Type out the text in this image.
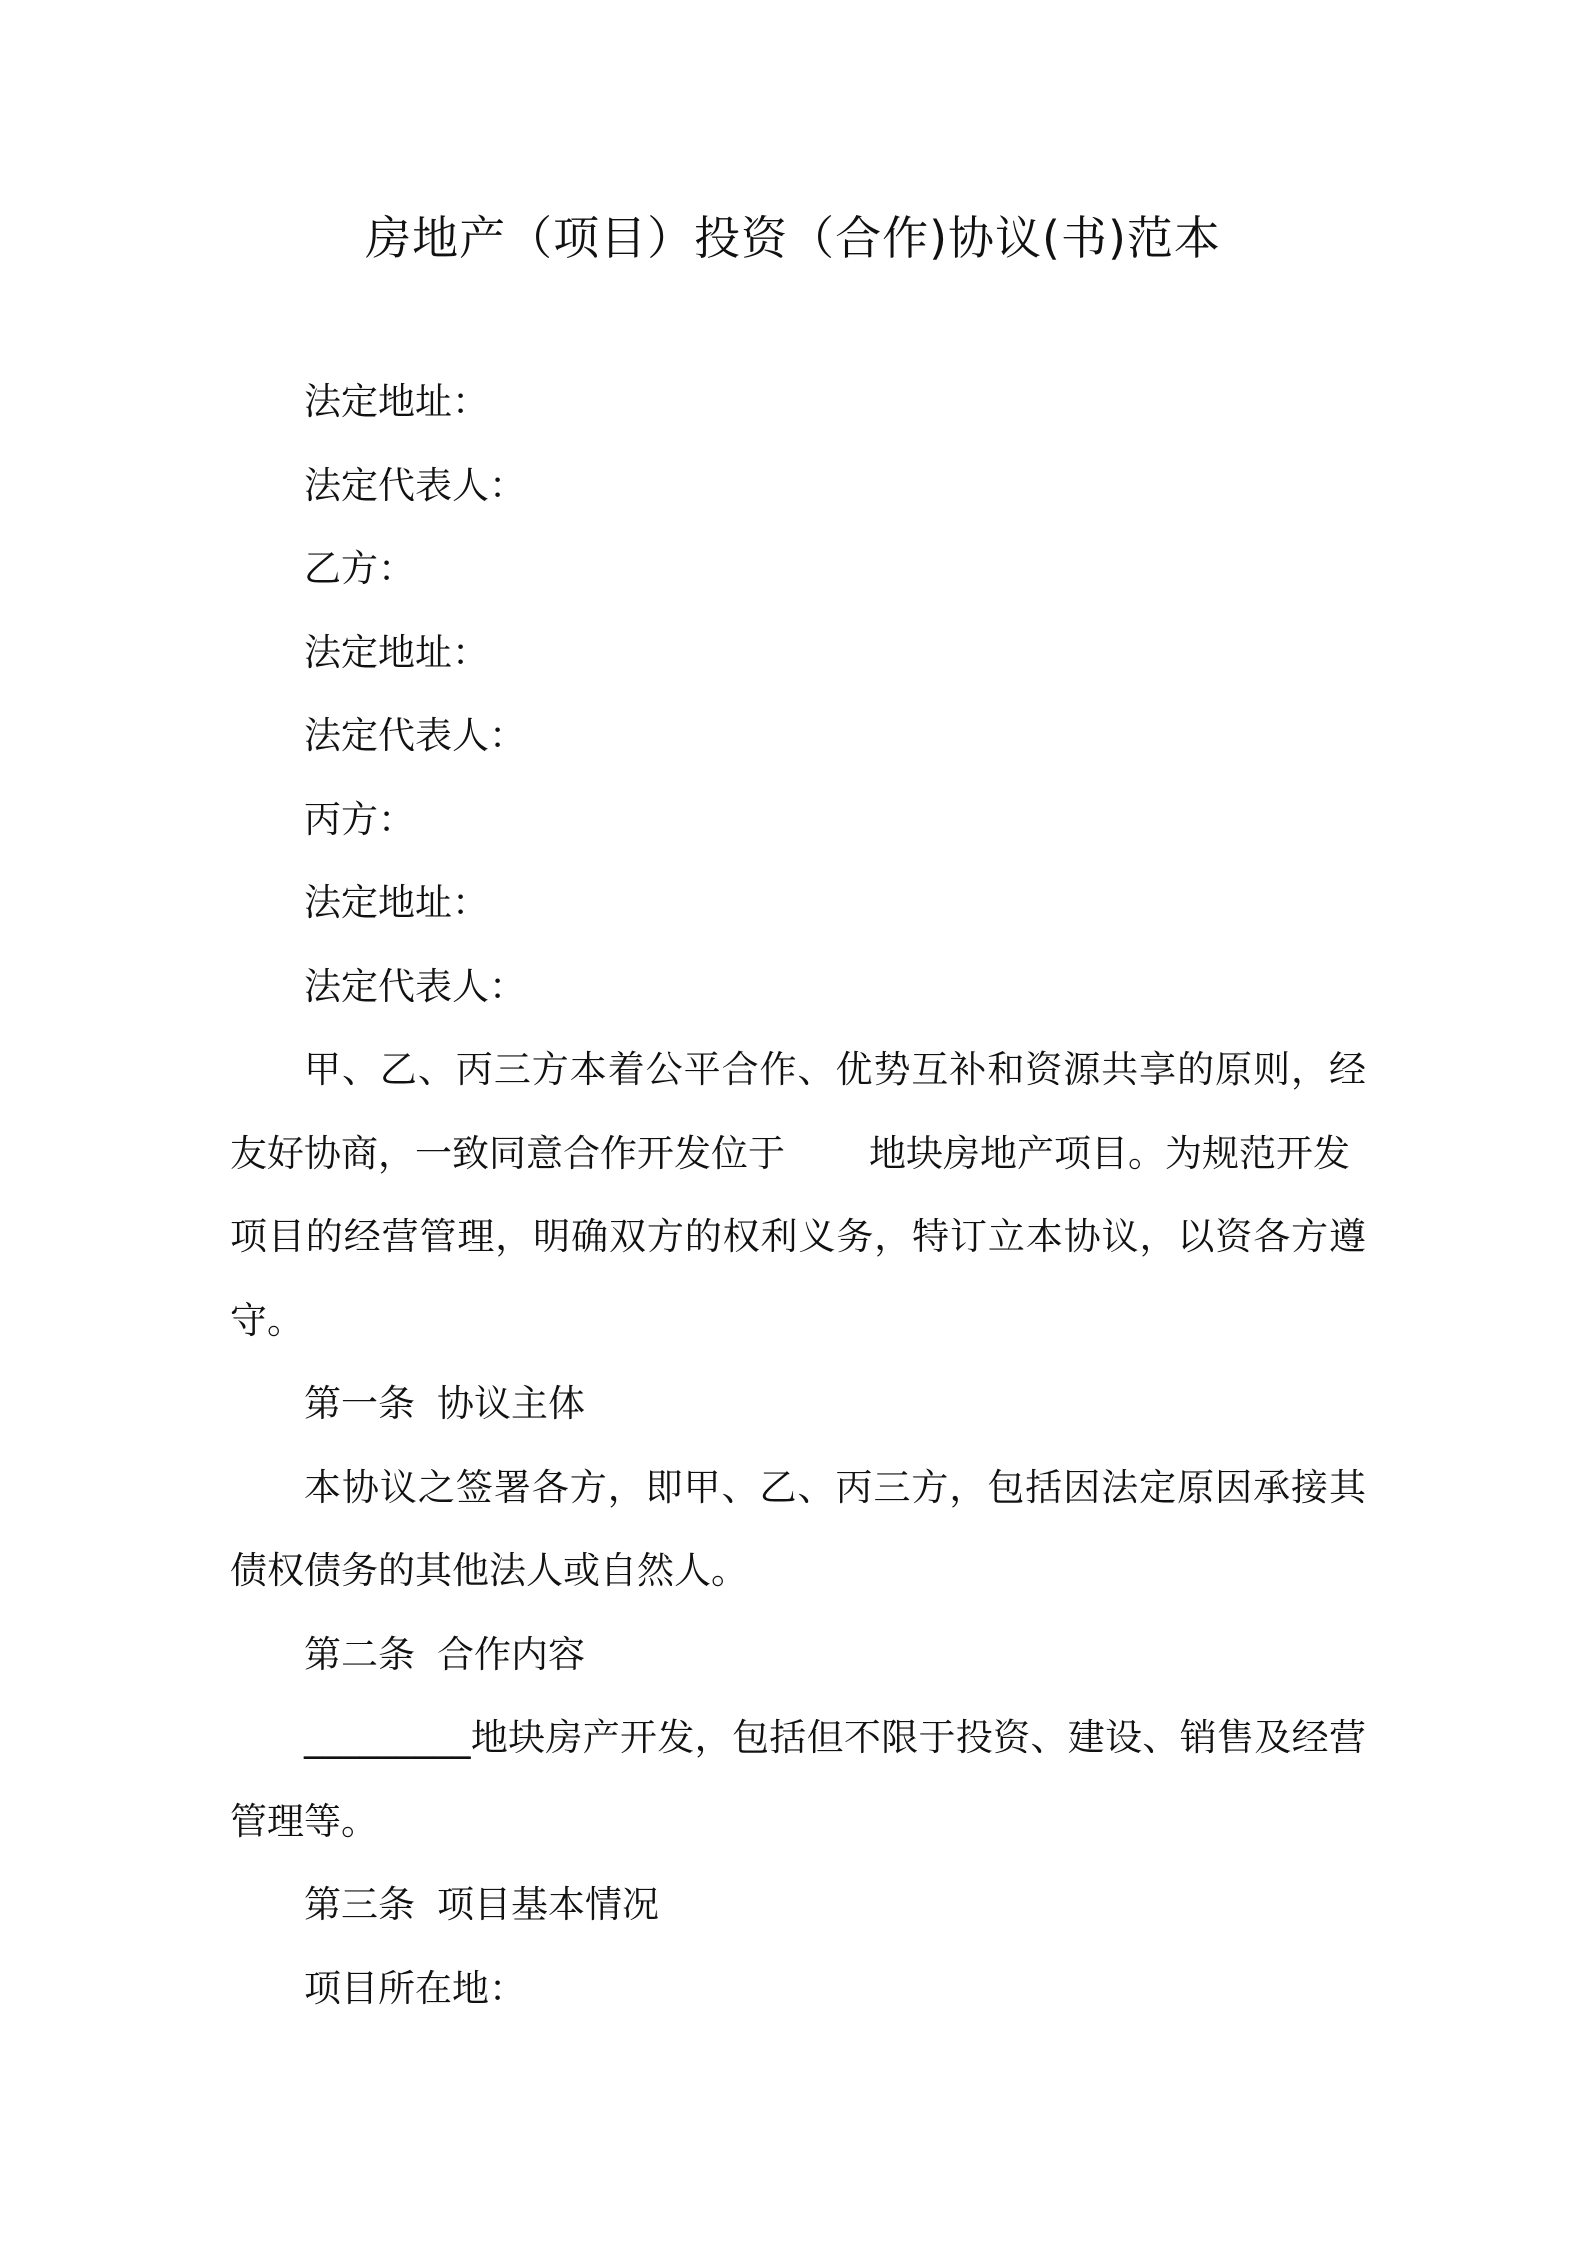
房地产（项目）投资（合作)协议(书)范本

法定地址：

法定代表人：

乙方：

法定地址：

法定代表人：

丙方：

法定地址：

法定代表人：

甲、乙、丙三方本着公平合作、优势互补和资源共享的原则，经

友好协商，一致同意合作开发位于 地块房地产项目。为规范开发

项目的经营管理，明确双方的权利义务，特订立本协议，以资各方遵

守。

第一条 协议主体

本协议之签署各方，即甲、乙、丙三方，包括因法定原因承接其

债权债务的其他法人或自然人。

第二条 合作内容

_________地块房产开发，包括但不限于投资、建设、销售及经营

管理等。

第三条 项目基本情况

项目所在地：
